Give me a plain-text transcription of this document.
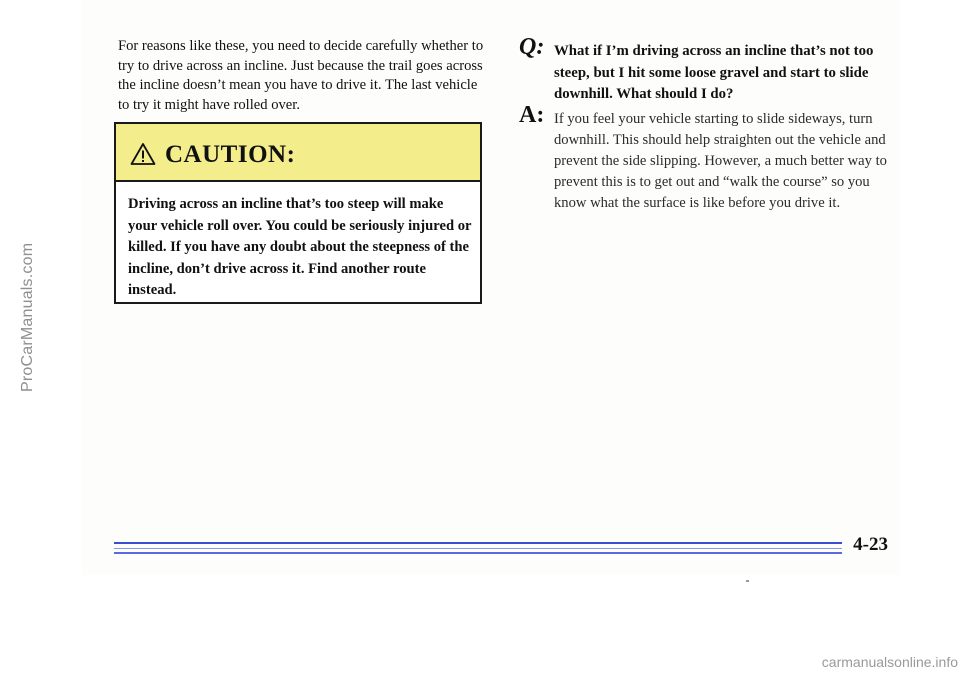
ProCarManuals.com

For reasons like these, you need to decide carefully whether to try to drive across an incline. Just because the trail goes across the incline doesn’t mean you have to drive it. The last vehicle to try it might have rolled over.

CAUTION:

Driving across an incline that’s too steep will make your vehicle roll over. You could be seriously injured or killed. If you have any doubt about the steepness of the incline, don’t drive across it. Find another route instead.

Q: What if I’m driving across an incline that’s not too steep, but I hit some loose gravel and start to slide downhill. What should I do?

A: If you feel your vehicle starting to slide sideways, turn downhill. This should help straighten out the vehicle and prevent the side slipping. However, a much better way to prevent this is to get out and “walk the course” so you know what the surface is like before you drive it.

4-23
carmanualsonline.info
